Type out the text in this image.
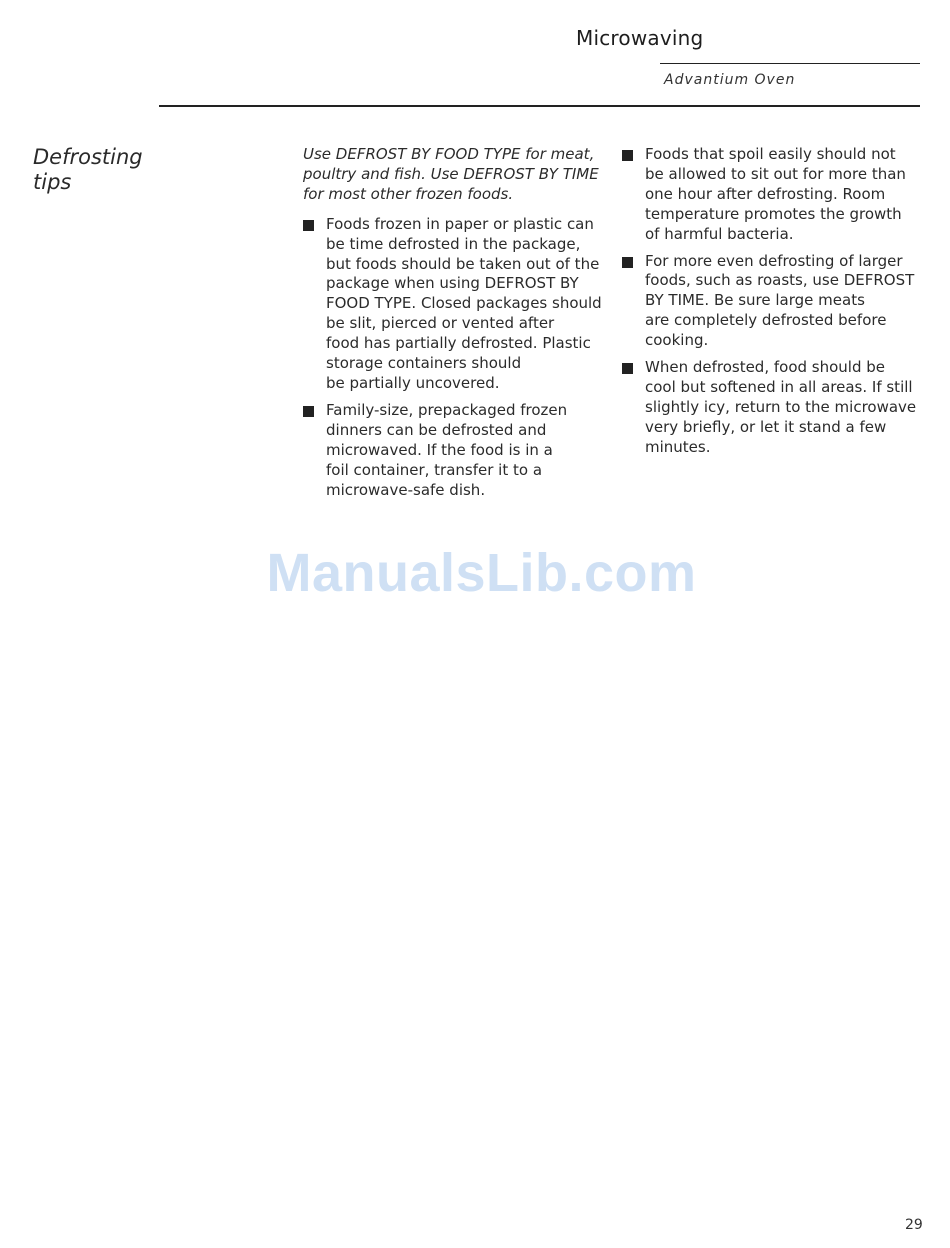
Microwaving
Advantium Oven
Defrosting
tips
Use DEFROST BY FOOD TYPE for meat,
poultry and fish. Use DEFROST BY TIME
for most other frozen foods.
Foods frozen in paper or plastic can
be time defrosted in the package,
but foods should be taken out of the
package when using DEFROST BY
FOOD TYPE. Closed packages should
be slit, pierced or vented after
food has partially defrosted. Plastic
storage containers should
be partially uncovered.
Family-size, prepackaged frozen
dinners can be defrosted and
microwaved. If the food is in a
foil container, transfer it to a
microwave-safe dish.
Foods that spoil easily should not
be allowed to sit out for more than
one hour after defrosting. Room
temperature promotes the growth
of harmful bacteria.
For more even defrosting of larger
foods, such as roasts, use DEFROST
BY TIME. Be sure large meats
are completely defrosted before
cooking.
When defrosted, food should be
cool but softened in all areas. If still
slightly icy, return to the microwave
very briefly, or let it stand a few
minutes.
ManualsLib.com
29
